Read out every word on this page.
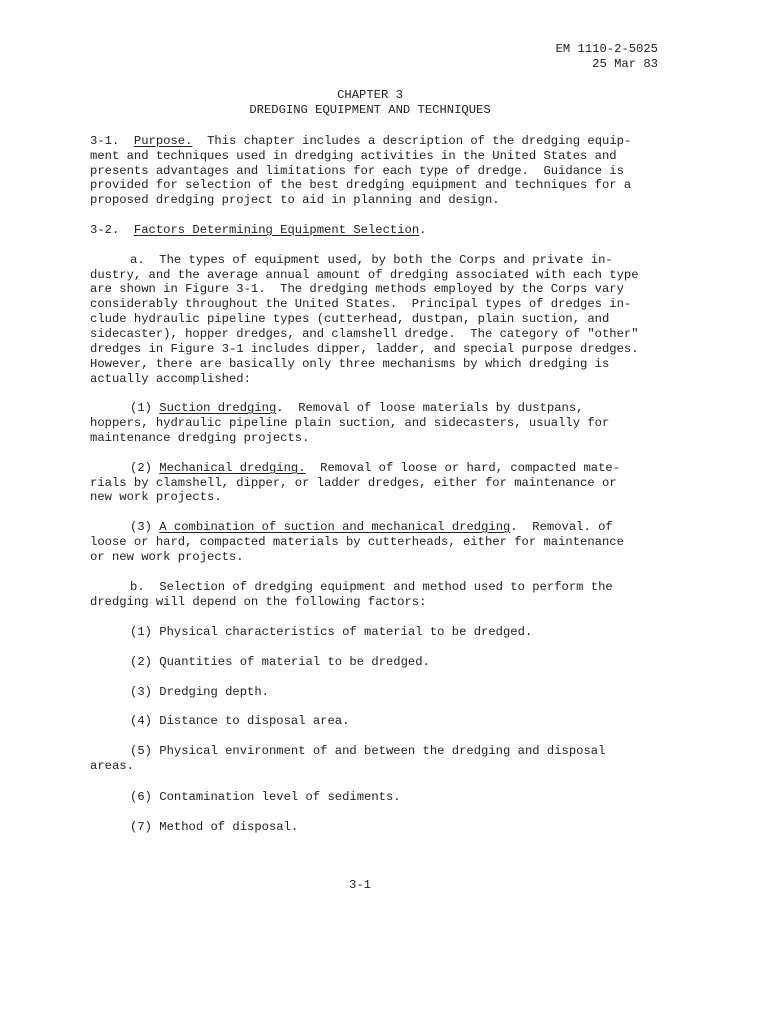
EM 1110-2-5025
25 Mar 83
CHAPTER 3
DREDGING EQUIPMENT AND TECHNIQUES
3-1. Purpose. This chapter includes a description of the dredging equip-
ment and techniques used in dredging activities in the United States and
presents advantages and limitations for each type of dredge.  Guidance is
provided for selection of the best dredging equipment and techniques for a
proposed dredging project to aid in planning and design.
3-2. Factors Determining Equipment Selection.
a.  The types of equipment used, by both the Corps and private in-
dustry, and the average annual amount of dredging associated with each type
are shown in Figure 3-1.  The dredging methods employed by the Corps vary
considerably throughout the United States.  Principal types of dredges in-
clude hydraulic pipeline types (cutterhead, dustpan, plain suction, and
sidecaster), hopper dredges, and clamshell dredge.  The category of "other"
dredges in Figure 3-1 includes dipper, ladder, and special purpose dredges.
However, there are basically only three mechanisms by which dredging is
actually accomplished:
(1) Suction dredging.  Removal of loose materials by dustpans,
hoppers, hydraulic pipeline plain suction, and sidecasters, usually for
maintenance dredging projects.
(2) Mechanical dredging.  Removal of loose or hard, compacted mate-
rials by clamshell, dipper, or ladder dredges, either for maintenance or
new work projects.
(3) A combination of suction and mechanical dredging.  Removal. of
loose or hard, compacted materials by cutterheads, either for maintenance
or new work projects.
b.  Selection of dredging equipment and method used to perform the
dredging will depend on the following factors:
(1) Physical characteristics of material to be dredged.
(2) Quantities of material to be dredged.
(3) Dredging depth.
(4) Distance to disposal area.
(5) Physical environment of and between the dredging and disposal
areas.
(6) Contamination level of sediments.
(7) Method of disposal.
3-1
